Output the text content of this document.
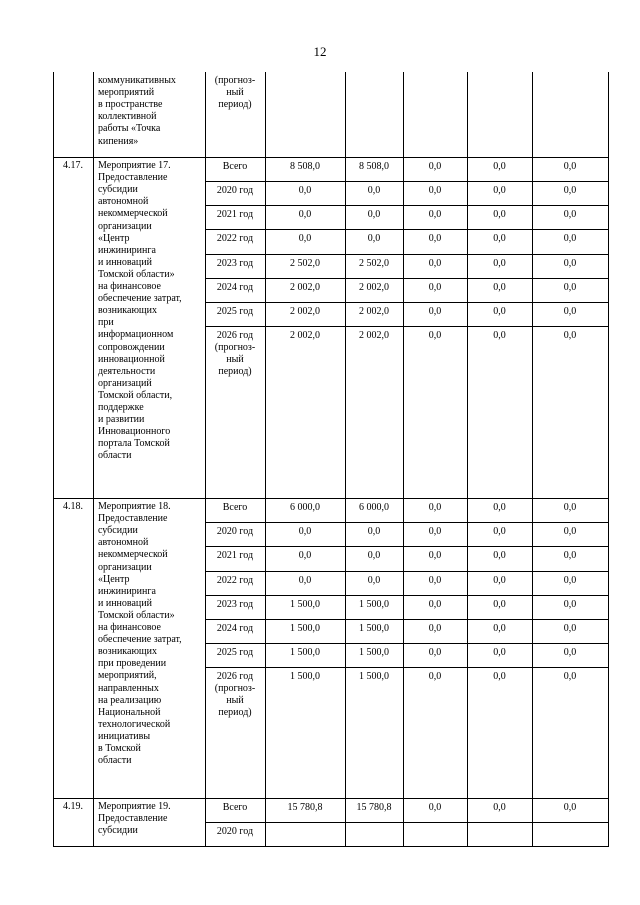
12
коммуникативных
мероприятий
в пространстве
коллективной
работы «Точка
кипения»
(прогноз-
ный
период)
4.17.	Мероприятие 17.
Предоставление
субсидии
автономной
некоммерческой
организации
«Центр
инжиниринга
и инноваций
Томской области»
на финансовое
обеспечение затрат,
возникающих
при
информационном
сопровождении
инновационной
деятельности
организаций
Томской области,
поддержке
и развитии
Инновационного
портала Томской
области
Всего	8 508,0	8 508,0	0,0	0,0	0,0
2020 год	0,0	0,0	0,0	0,0	0,0
2021 год	0,0	0,0	0,0	0,0	0,0
2022 год	0,0	0,0	0,0	0,0	0,0
2023 год	2 502,0	2 502,0	0,0	0,0	0,0
2024 год	2 002,0	2 002,0	0,0	0,0	0,0
2025 год	2 002,0	2 002,0	0,0	0,0	0,0
2026 год	2 002,0	2 002,0	0,0	0,0	0,0
(прогноз-
ный
период)
4.18.	Мероприятие 18.
Предоставление
субсидии
автономной
некоммерческой
организации
«Центр
инжиниринга
и инноваций
Томской области»
на финансовое
обеспечение затрат,
возникающих
при проведении
мероприятий,
направленных
на реализацию
Национальной
технологической
инициативы
в Томской
области
Всего	6 000,0	6 000,0	0,0	0,0	0,0
2020 год	0,0	0,0	0,0	0,0	0,0
2021 год	0,0	0,0	0,0	0,0	0,0
2022 год	0,0	0,0	0,0	0,0	0,0
2023 год	1 500,0	1 500,0	0,0	0,0	0,0
2024 год	1 500,0	1 500,0	0,0	0,0	0,0
2025 год	1 500,0	1 500,0	0,0	0,0	0,0
2026 год	1 500,0	1 500,0	0,0	0,0	0,0
(прогноз-
ный
период)
4.19.	Мероприятие 19.
Предоставление
субсидии
Всего	15 780,8	15 780,8	0,0	0,0	0,0
2020 год
